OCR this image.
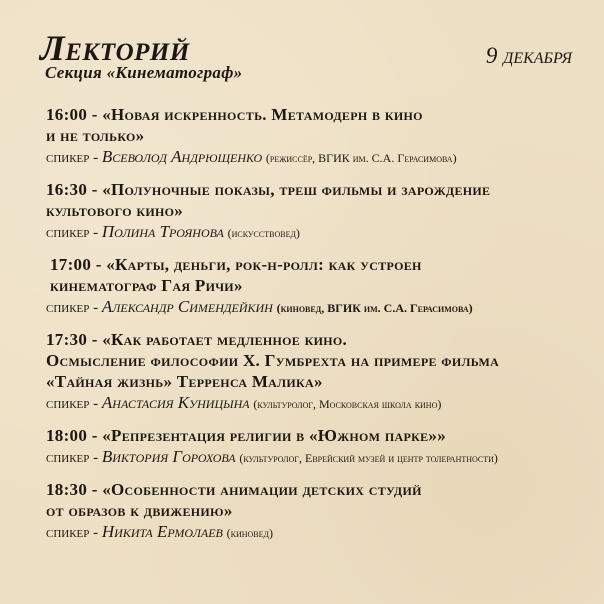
Лекторий
Секция «Кинематограф»
9 декабря
16:00 - «Новая искренность. Метамодерн в кино
и не только»
спикер - Всеволод Андрющенко (режиссёр, ВГИК им. С.А. Герасимова)
16:30 - «Полуночные показы, треш фильмы и зарождение
культового кино»
спикер - Полина Троянова (искусствовед)
17:00 - «Карты, деньги, рок-н-ролл: как устроен
кинематограф Гая Ричи»
спикер - Александр Симендейкин (киновед, ВГИК им. С.А. Герасимова)
17:30 - «Как работает медленное кино.
Осмысление философии Х. Гумбрехта на примере фильма
«Тайная жизнь» Терренса Малика»
спикер - Анастасия Куницына (культуролог, Московская школа кино)
18:00 - «Репрезентация религии в «Южном парке»»
спикер - Виктория Горохова (культуролог, Еврейский музей и центр толерантности)
18:30 - «Особенности анимации детских студий
от образов к движению»
спикер - Никита Ермолаев (киновед)
